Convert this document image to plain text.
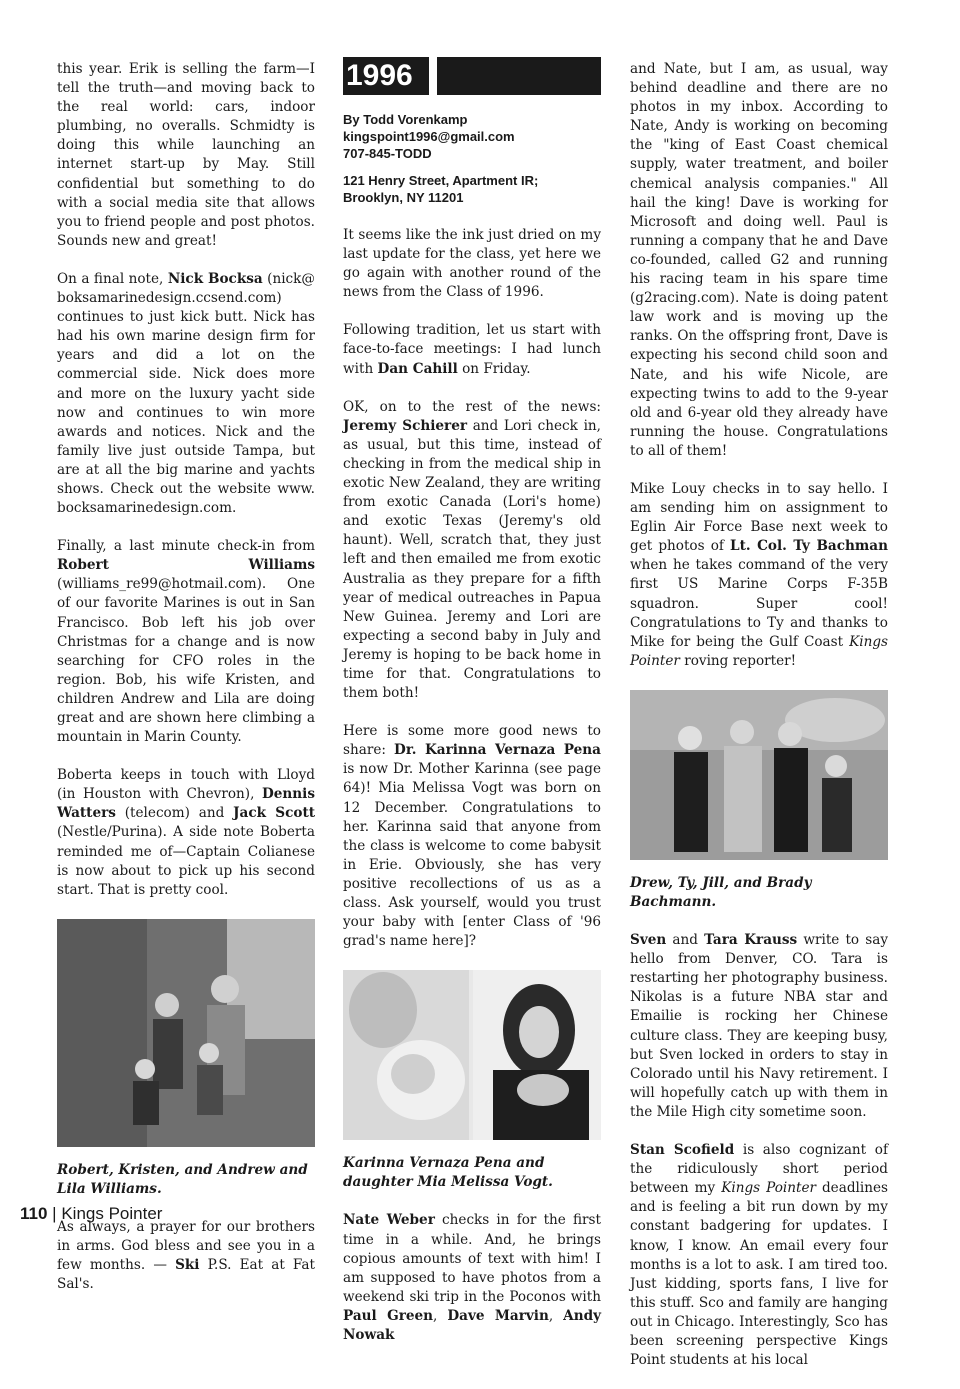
this year. Erik is selling the farm—I tell the truth—and moving back to the real world: cars, indoor plumbing, no overalls. Schmidty is doing this while launching an internet start-up by May. Still confidential but something to do with a social media site that allows you to friend people and post photos. Sounds new and great!

On a final note, Nick Bocksa (nick@ boksamarinedesign.ccsend.com) continues to just kick butt. Nick has had his own marine design firm for years and did a lot on the commercial side. Nick does more and more on the luxury yacht side now and continues to win more awards and notices. Nick and the family live just outside Tampa, but are at all the big marine and yachts shows. Check out the website www. bocksamarinedesign.com.

Finally, a last minute check-in from Robert Williams (williams_re99@hotmail.com). One of our favorite Marines is out in San Francisco. Bob left his job over Christmas for a change and is now searching for CFO roles in the region. Bob, his wife Kristen, and children Andrew and Lila are doing great and are shown here climbing a mountain in Marin County.

Boberta keeps in touch with Lloyd (in Houston with Chevron), Dennis Watters (telecom) and Jack Scott (Nestle/Purina). A side note Boberta reminded me of—Captain Colianese is now about to pick up his second start. That is pretty cool.

Robert, Kristen, and Andrew and Lila Williams.

As always, a prayer for our brothers in arms. God bless and see you in a few months. — Ski P.S. Eat at Fat Sal's.

1996
By Todd Vorenkamp
kingspoint1996@gmail.com
707-845-TODD
121 Henry Street, Apartment IR;
Brooklyn, NY 11201

It seems like the ink just dried on my last update for the class, yet here we go again with another round of the news from the Class of 1996.

Following tradition, let us start with face-to-face meetings: I had lunch with Dan Cahill on Friday.

OK, on to the rest of the news: Jeremy Schierer and Lori check in, as usual, but this time, instead of checking in from the medical ship in exotic New Zealand, they are writing from exotic Canada (Lori's home) and exotic Texas (Jeremy's old haunt). Well, scratch that, they just left and then emailed me from exotic Australia as they prepare for a fifth year of medical outreaches in Papua New Guinea. Jeremy and Lori are expecting a second baby in July and Jeremy is hoping to be back home in time for that. Congratulations to them both!

Here is some more good news to share: Dr. Karinna Vernaza Pena is now Dr. Mother Karinna (see page 64)! Mia Melissa Vogt was born on 12 December. Congratulations to her. Karinna said that anyone from the class is welcome to come babysit in Erie. Obviously, she has very positive recollections of us as a class. Ask yourself, would you trust your baby with [enter Class of '96 grad's name here]?

Karinna Vernaza Pena and daughter Mia Melissa Vogt.

Nate Weber checks in for the first time in a while. And, he brings copious amounts of text with him! I am supposed to have photos from a weekend ski trip in the Poconos with Paul Green, Dave Marvin, Andy Nowak

and Nate, but I am, as usual, way behind deadline and there are no photos in my inbox. According to Nate, Andy is working on becoming the "king of East Coast chemical supply, water treatment, and boiler chemical analysis companies." All hail the king! Dave is working for Microsoft and doing well. Paul is running a company that he and Dave co-founded, called G2 and running his racing team in his spare time (g2racing.com). Nate is doing patent law work and is moving up the ranks. On the offspring front, Dave is expecting his second child soon and Nate, and his wife Nicole, are expecting twins to add to the 9-year old and 6-year old they already have running the house. Congratulations to all of them!

Mike Louy checks in to say hello. I am sending him on assignment to Eglin Air Force Base next week to get photos of Lt. Col. Ty Bachman when he takes command of the very first US Marine Corps F-35B squadron. Super cool! Congratulations to Ty and thanks to Mike for being the Gulf Coast Kings Pointer roving reporter!

Drew, Ty, Jill, and Brady Bachmann.

Sven and Tara Krauss write to say hello from Denver, CO. Tara is restarting her photography business. Nikolas is a future NBA star and Emailie is rocking her Chinese culture class. They are keeping busy, but Sven locked in orders to stay in Colorado until his Navy retirement. I will hopefully catch up with them in the Mile High city sometime soon.

Stan Scofield is also cognizant of the ridiculously short period between my Kings Pointer deadlines and is feeling a bit run down by my constant badgering for updates. I know, I know. An email every four months is a lot to ask. I am tired too. Just kidding, sports fans, I live for this stuff. Sco and family are hanging out in Chicago. Interestingly, Sco has been screening perspective Kings Point students at his local

110 | Kings Pointer
